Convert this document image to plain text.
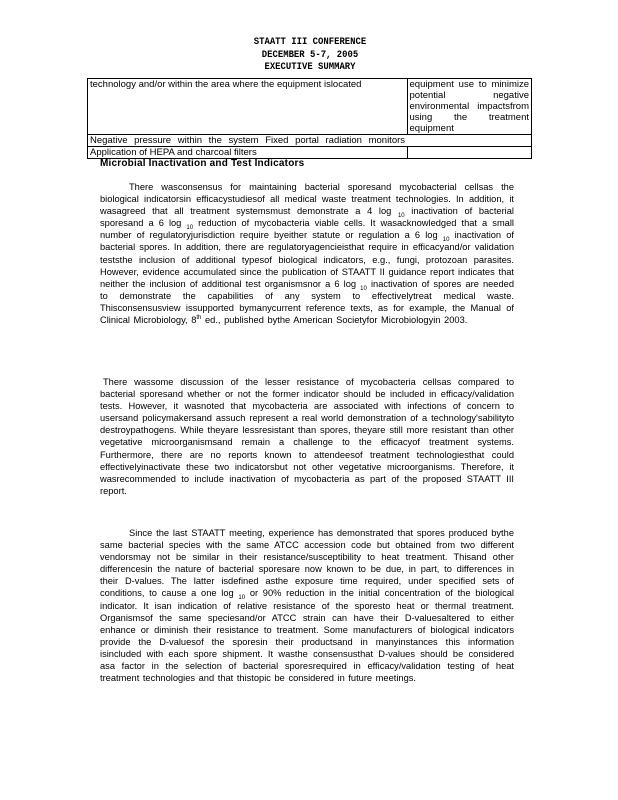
STAATT III CONFERENCE
DECEMBER 5-7, 2005
EXECUTIVE SUMMARY
technology and/or within the area where the equipment islocated	equipment use to minimize potential negative environmental impactsfrom using the treatment equipment
Negative pressure within the system Fixed portal radiation monitors	
Application of HEPA and charcoal filters	
Microbial Inactivation and Test Indicators

There wasconsensus for maintaining bacterial sporesand mycobacterial cellsas the biological indicatorsin efficacystudiesof all medical waste treatment technologies. In addition, it wasagreed that all treatment systemsmust demonstrate a 4 log $_{10}$ inactivation of bacterial sporesand a 6 log $_{10}$ reduction of mycobacteria viable cells. It wasacknowledged that a small number of regulatoryjurisdiction require byeither statute or regulation a 6 log $_{10}$ inactivation of bacterial spores. In addition, there are regulatoryagencieisthat require in efficacyand/or validation teststhe inclusion of additional typesof biological indicators, e.g., fungi, protozoan parasites. However, evidence accumulated since the publication of STAATT II guidance report indicates that neither the inclusion of additional test organismsnor a 6 log $_{10}$ inactivation of spores are needed to demonstrate the capabilities of any system to effectivelytreat medical waste. Thisconsensusview issupported bymanycurrent reference texts, as for example, the Manual of Clinical Microbiology, 8th ed., published bythe American Societyfor Microbiologyin 2003.

There wassome discussion of the lesser resistance of mycobacteria cellsas compared to bacterial sporesand whether or not the former indicator should be included in efficacy/validation tests. However, it wasnoted that mycobacteria are associated with infections of concern to usersand policymakersand assuch represent a real world demonstration of a technology'sabilityto destroypathogens. While theyare lessresistant than spores, theyare still more resistant than other vegetative microorganismsand remain a challenge to the efficacyof treatment systems. Furthermore, there are no reports known to attendeesof treatment technologiesthat could effectivelyinactivate these two indicatorsbut not other vegetative microorganisms. Therefore, it wasrecommended to include inactivation of mycobacteria as part of the proposed STAATT III report.

Since the last STAATT meeting, experience has demonstrated that spores produced bythe same bacterial species with the same ATCC accession code but obtained from two different vendorsmay not be similar in their resistance/susceptibility to heat treatment. Thisand other differencesin the nature of bacterial sporesare now known to be due, in part, to differences in their D-values. The latter isdefined asthe exposure time required, under specified sets of conditions, to cause a one log $_{10}$ or 90% reduction in the initial concentration of the biological indicator. It isan indication of relative resistance of the sporesto heat or thermal treatment. Organismsof the same speciesand/or ATCC strain can have their D-valuesaltered to either enhance or diminish their resistance to treatment. Some manufacturers of biological indicators provide the D-valuesof the sporesin their productsand in manyinstances this information isincluded with each spore shipment. It wasthe consensusthat D-values should be considered asa factor in the selection of bacterial sporesrequired in efficacy/validation testing of heat treatment technologies and that thistopic be considered in future meetings.
